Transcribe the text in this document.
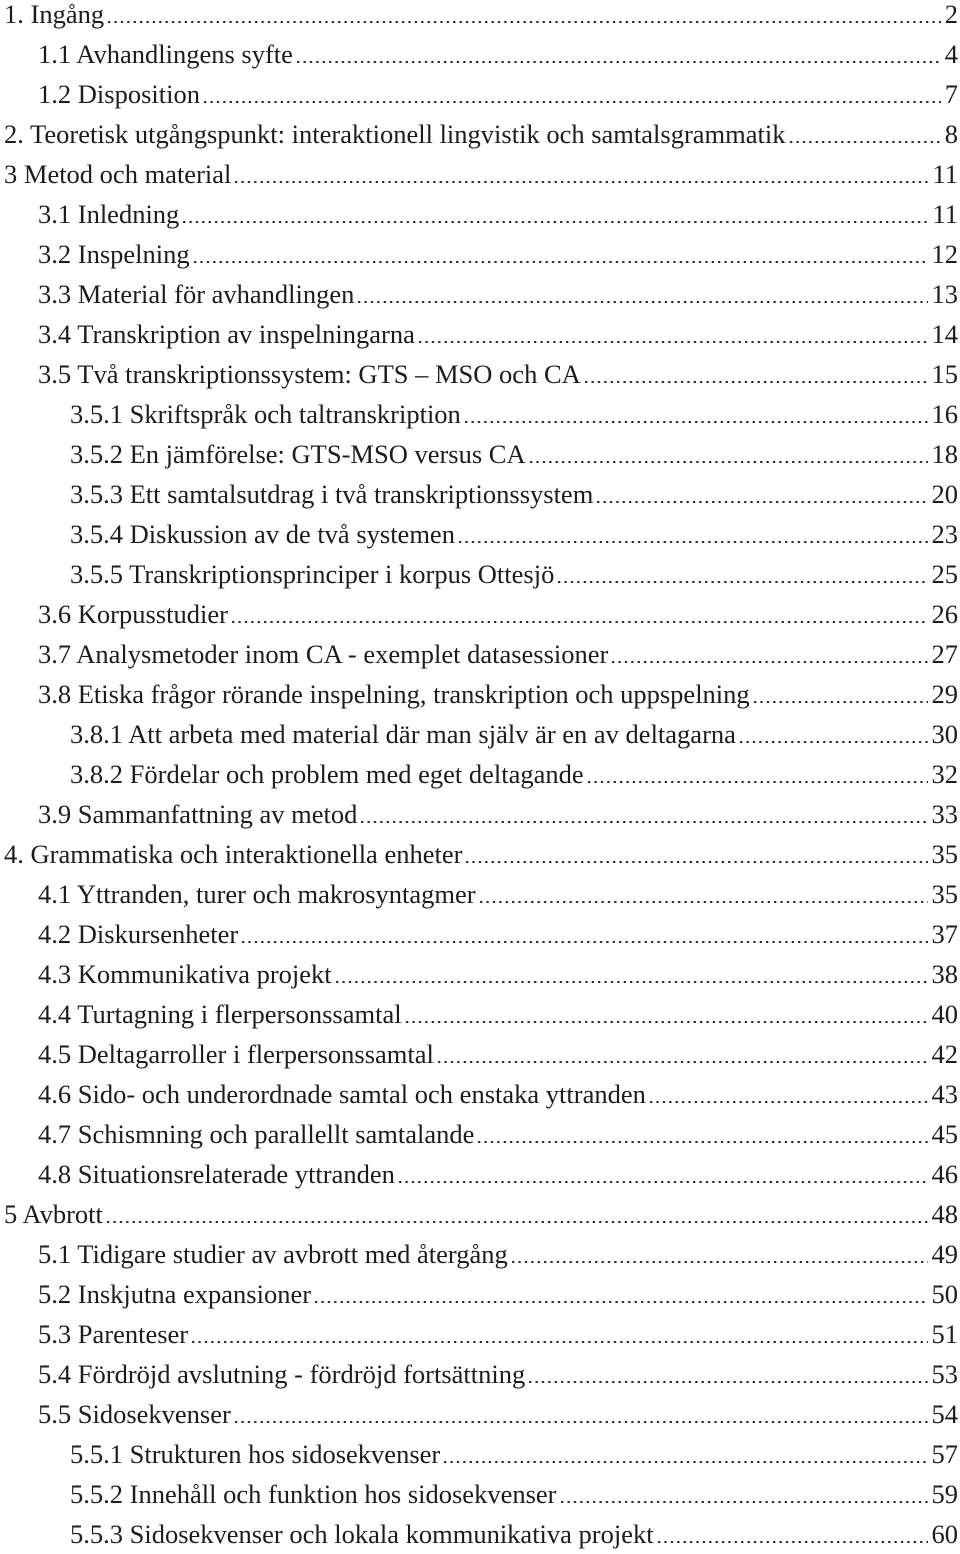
1. Ingång	2
1.1 Avhandlingens syfte	4
1.2 Disposition	7
2. Teoretisk utgångspunkt: interaktionell lingvistik och samtalsgrammatik	8
3 Metod och material	11
3.1 Inledning	11
3.2 Inspelning	12
3.3 Material för avhandlingen	13
3.4 Transkription av inspelningarna	14
3.5 Två transkriptionssystem: GTS – MSO och CA	15
3.5.1 Skriftspråk och taltranskription	16
3.5.2 En jämförelse: GTS-MSO versus CA	18
3.5.3 Ett samtalsutdrag i två transkriptionssystem	20
3.5.4 Diskussion av de två systemen	23
3.5.5 Transkriptionsprinciper i korpus Ottesjö	25
3.6 Korpusstudier	26
3.7 Analysmetoder inom CA - exemplet datasessioner	27
3.8 Etiska frågor rörande inspelning, transkription och uppspelning	29
3.8.1 Att arbeta med material där man själv är en av deltagarna	30
3.8.2 Fördelar och problem med eget deltagande	32
3.9 Sammanfattning av metod	33
4. Grammatiska och interaktionella enheter	35
4.1 Yttranden, turer och makrosyntagmer	35
4.2 Diskursenheter	37
4.3 Kommunikativa projekt	38
4.4 Turtagning i flerpersonssamtal	40
4.5 Deltagarroller i flerpersonssamtal	42
4.6 Sido- och underordnade samtal och enstaka yttranden	43
4.7 Schismning och parallellt samtalande	45
4.8 Situationsrelaterade yttranden	46
5 Avbrott	48
5.1 Tidigare studier av avbrott med återgång	49
5.2 Inskjutna expansioner	50
5.3 Parenteser	51
5.4 Fördröjd avslutning - fördröjd fortsättning	53
5.5 Sidosekvenser	54
5.5.1 Strukturen hos sidosekvenser	57
5.5.2 Innehåll och funktion hos sidosekvenser	59
5.5.3 Sidosekvenser och lokala kommunikativa projekt	60
